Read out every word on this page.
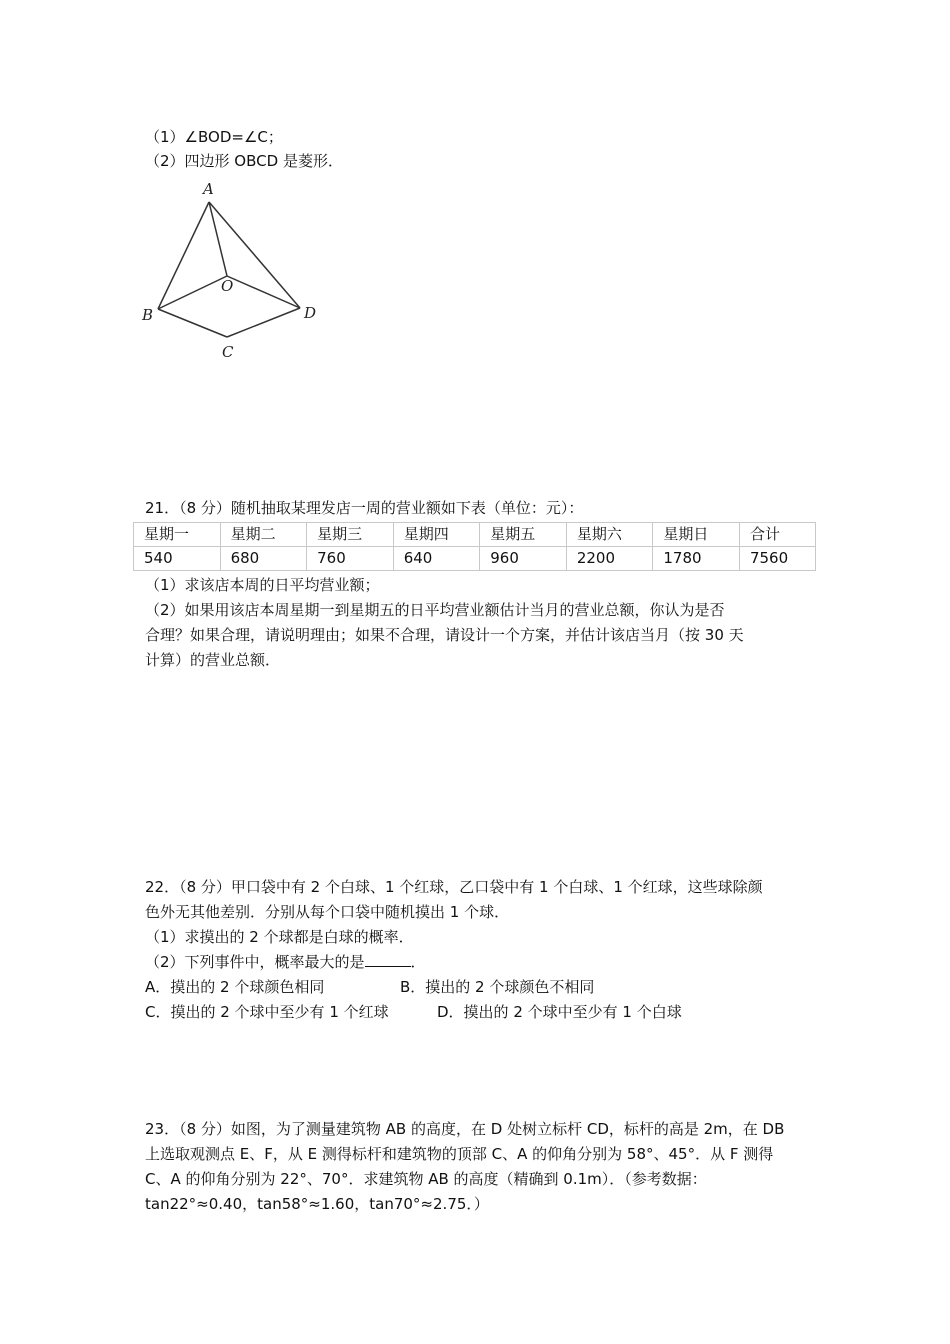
（1）∠BOD=∠C；
（2）四边形 OBCD 是菱形．
A
O
B	D
C
21．（8 分）随机抽取某理发店一周的营业额如下表（单位：元）：
星期一	星期二	星期三	星期四	星期五	星期六	星期日	合计
540	680	760	640	960	2200	1780	7560
（1）求该店本周的日平均营业额；
（2）如果用该店本周星期一到星期五的日平均营业额估计当月的营业总额，你认为是否
合理？如果合理，请说明理由；如果不合理，请设计一个方案，并估计该店当月（按 30 天
计算）的营业总额．
22．（8 分）甲口袋中有 2 个白球、1 个红球，乙口袋中有 1 个白球、1 个红球，这些球除颜
色外无其他差别．分别从每个口袋中随机摸出 1 个球．
（1）求摸出的 2 个球都是白球的概率．
（2）下列事件中，概率最大的是	．
A．摸出的 2 个球颜色相同	B．摸出的 2 个球颜色不相同
C．摸出的 2 个球中至少有 1 个红球	D．摸出的 2 个球中至少有 1 个白球
23．（8 分）如图，为了测量建筑物 AB 的高度，在 D 处树立标杆 CD，标杆的高是 2m，在 DB
上选取观测点 E、F，从 E 测得标杆和建筑物的顶部 C、A 的仰角分别为 58°、45°．从 F 测得
C、A 的仰角分别为 22°、70°．求建筑物 AB 的高度（精确到 0.1m）．（参考数据：
tan22°≈0.40，tan58°≈1.60，tan70°≈2.75．）
